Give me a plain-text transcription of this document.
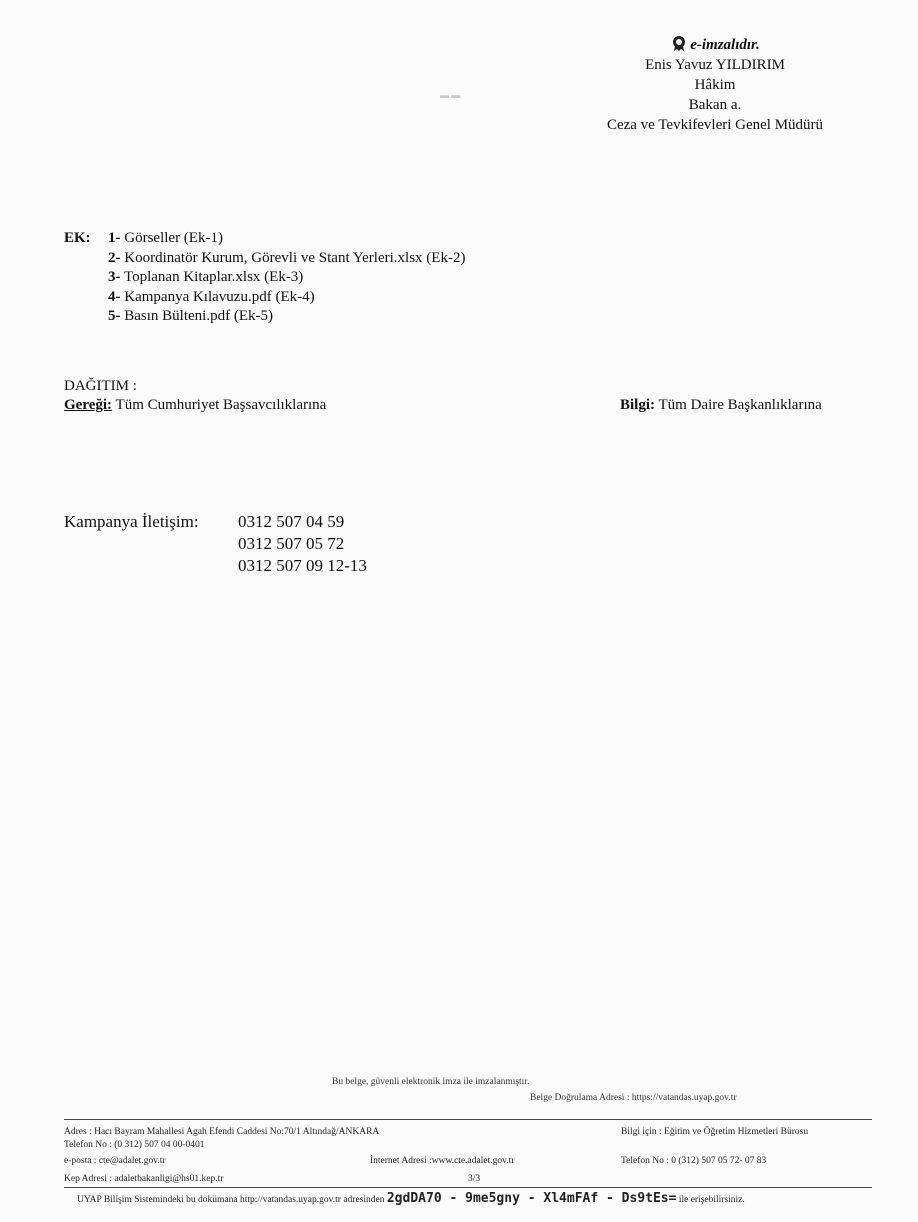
e-imzalıdır.
Enis Yavuz YILDIRIM
Hâkim
Bakan a.
Ceza ve Tevkifevleri Genel Müdürü
▬ ▬
EK: 1- Görseller (Ek-1)
2- Koordinatör Kurum, Görevli ve Stant Yerleri.xlsx (Ek-2)
3- Toplanan Kitaplar.xlsx (Ek-3)
4- Kampanya Kılavuzu.pdf (Ek-4)
5- Basın Bülteni.pdf (Ek-5)
DAĞITIM :
Gereği: Tüm Cumhuriyet Başsavcılıklarına	Bilgi: Tüm Daire Başkanlıklarına
Kampanya İletişim: 0312 507 04 59
0312 507 05 72
0312 507 09 12-13
Bu belge, güvenli elektronik imza ile imzalanmıştır.
Belge Doğrulama Adresi : https://vatandas.uyap.gov.tr
Adres : Hacı Bayram Mahallesi Agah Efendi Caddesi No:70/1 Altındağ/ANKARA	Bilgi için : Eğitim ve Öğretim Hizmetleri Bürosu
Telefon No : (0 312) 507 04 00-0401
e-posta : cte@adalet.gov.tr	İnternet Adresi :www.cte.adalet.gov.tr	Telefon No : 0 (312) 507 05 72- 07 83
Kep Adresi : adaletbakanligi@hs01.kep.tr	3/3
UYAP Bilişim Sistemindeki bu dokümana http://vatandas.uyap.gov.tr adresinden 2gdDA70 - 9me5gny - Xl4mFAf - Ds9tEs= ile erişebilirsiniz.
